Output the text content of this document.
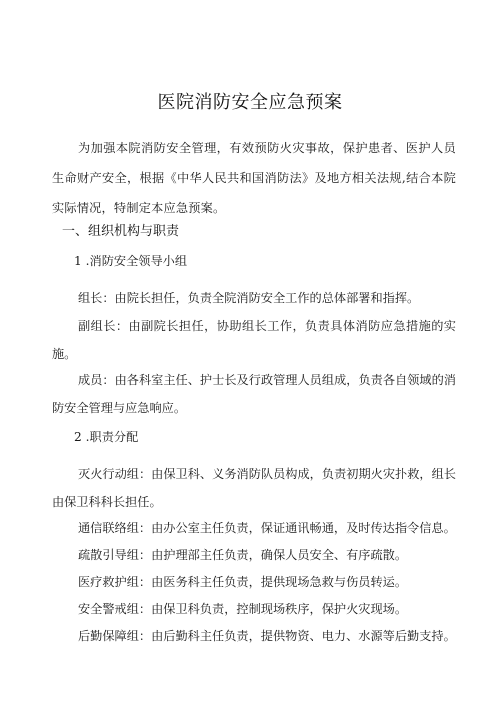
医院消防安全应急预案
为加强本院消防安全管理，有效预防火灾事故，保护患者、医护人员生命财产安全，根据《中华人民共和国消防法》及地方相关法规,结合本院实际情况，特制定本应急预案。
一、组织机构与职责
1 .消防安全领导小组
组长：由院长担任，负责全院消防安全工作的总体部署和指挥。
副组长：由副院长担任，协助组长工作，负责具体消防应急措施的实施。
成员：由各科室主任、护士长及行政管理人员组成，负责各自领域的消防安全管理与应急响应。
2 .职责分配
灭火行动组：由保卫科、义务消防队员构成，负责初期火灾扑救，组长由保卫科科长担任。
通信联络组：由办公室主任负责，保证通讯畅通，及时传达指令信息。
疏散引导组：由护理部主任负责，确保人员安全、有序疏散。
医疗救护组：由医务科主任负责，提供现场急救与伤员转运。
安全警戒组：由保卫科负责，控制现场秩序，保护火灾现场。
后勤保障组：由后勤科主任负责，提供物资、电力、水源等后勤支持。
